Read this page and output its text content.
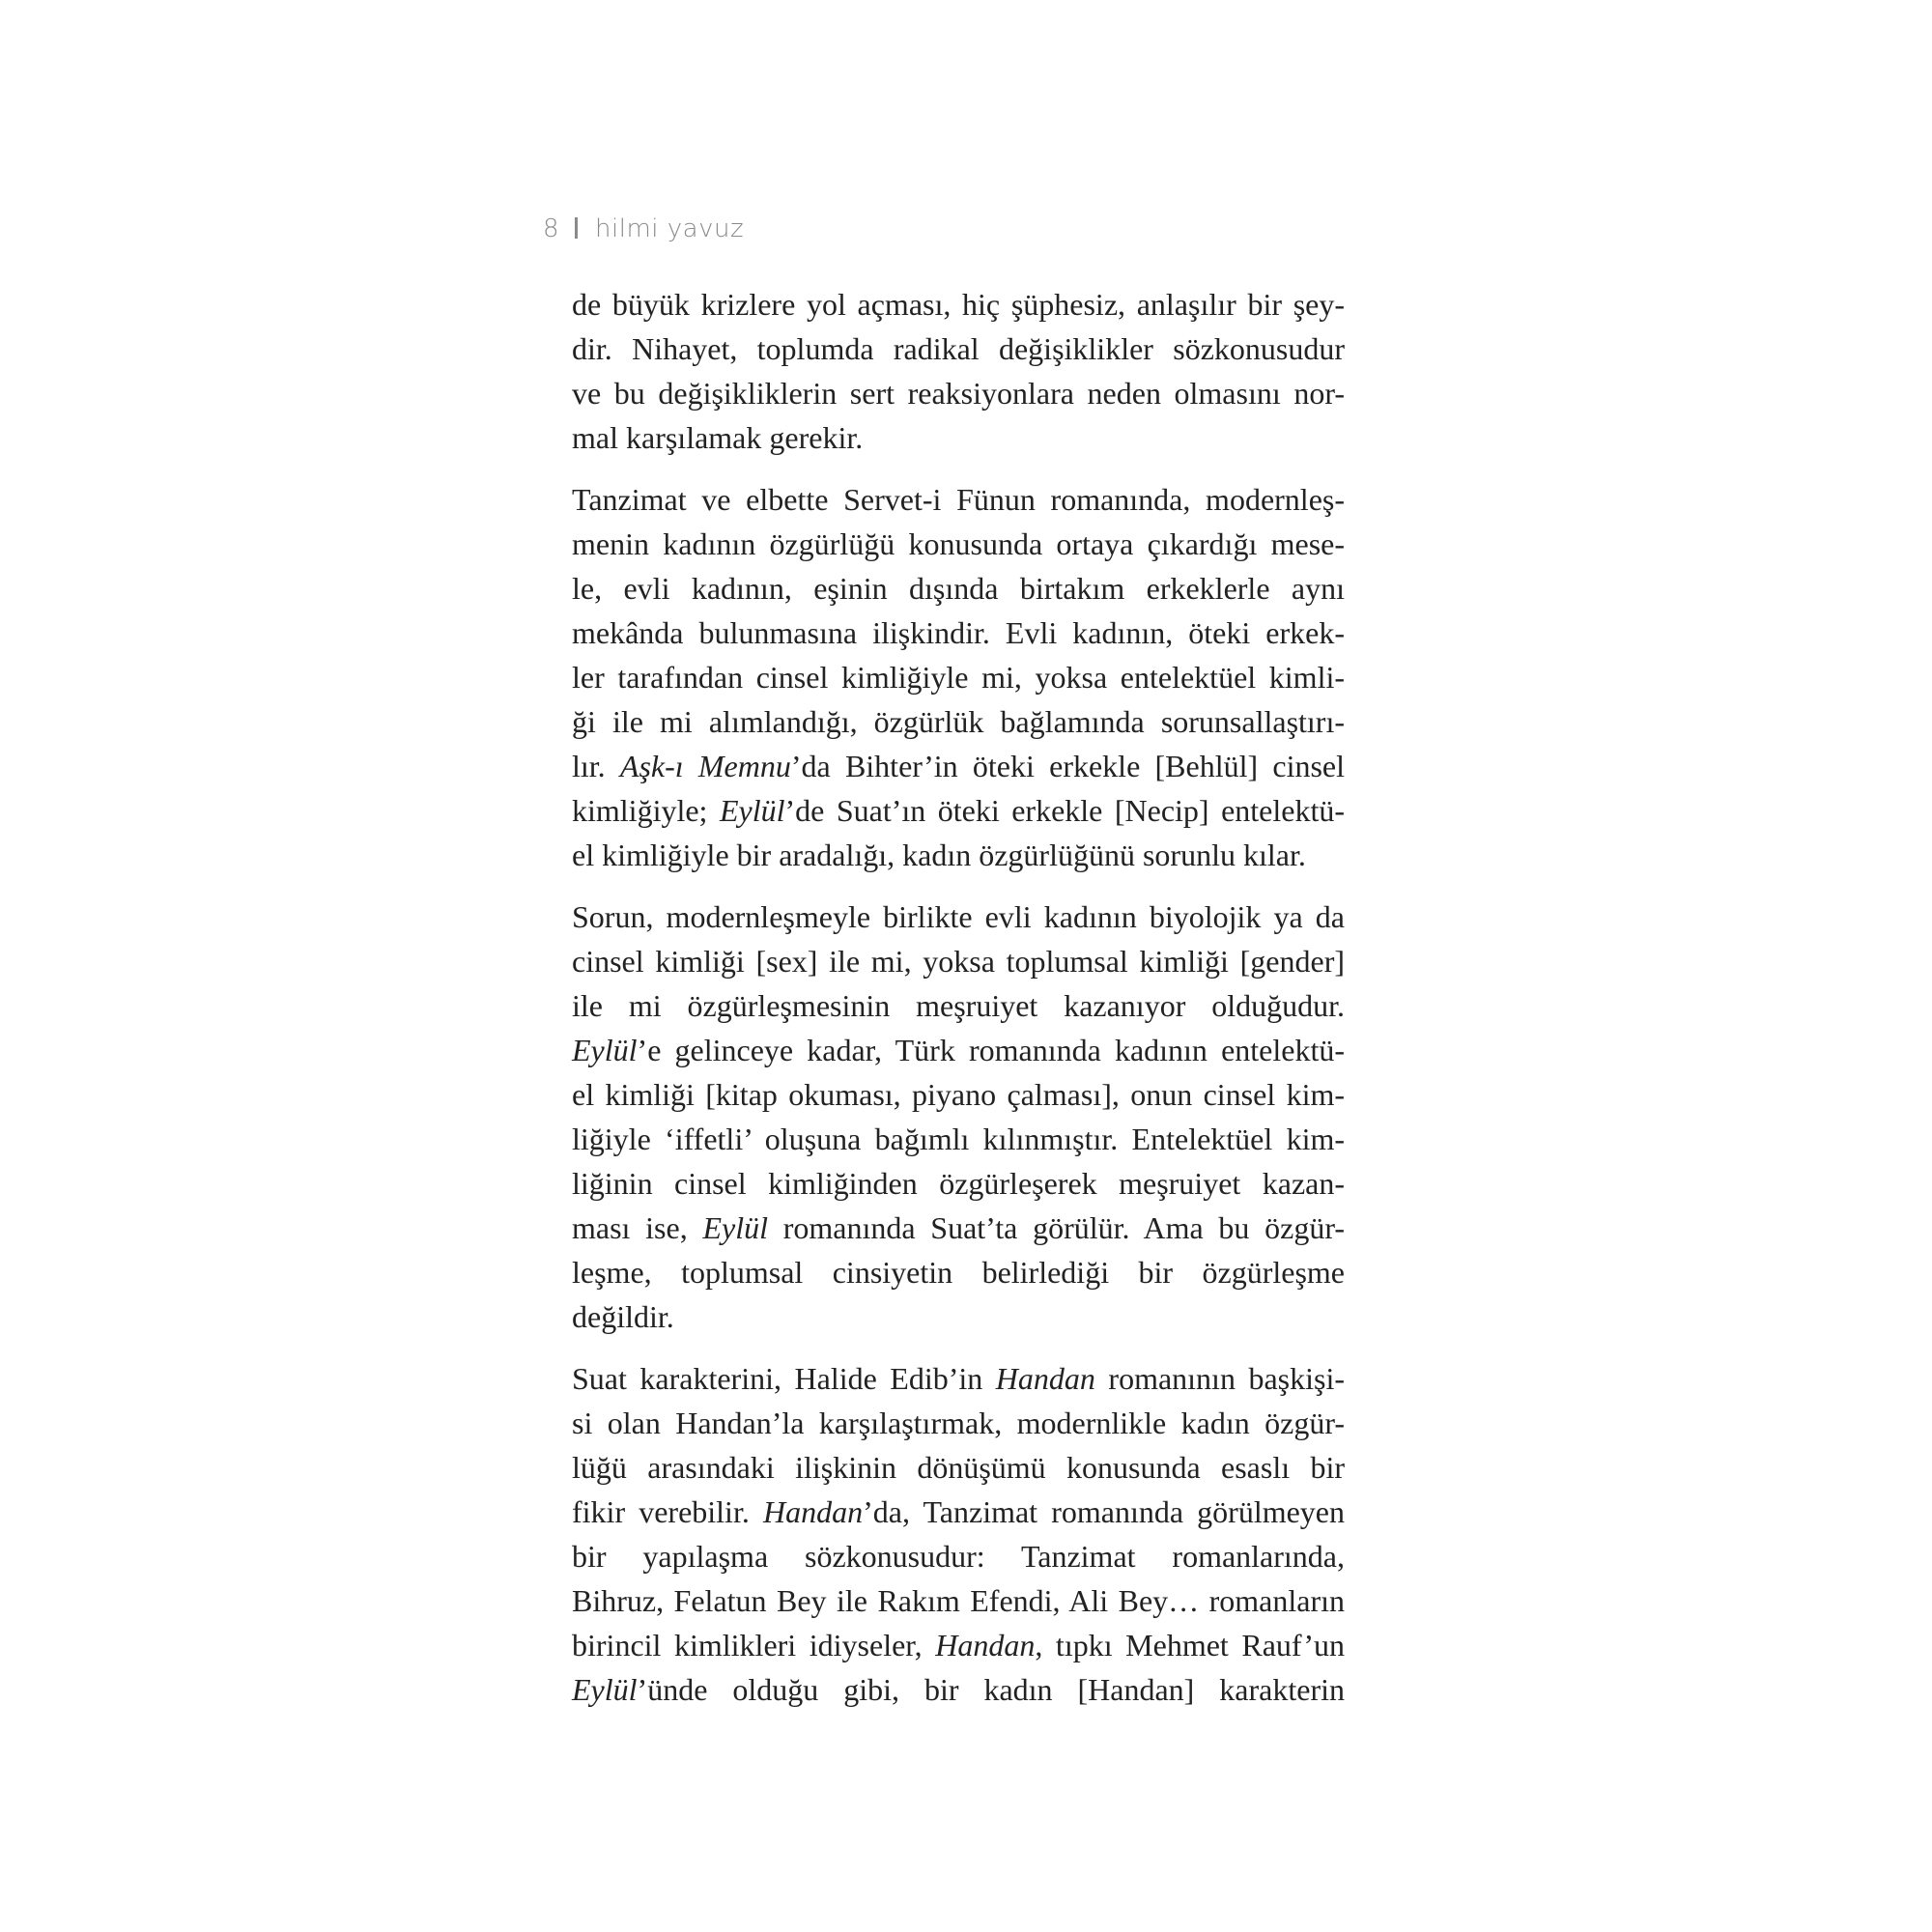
8 hilmi yavuz

de büyük krizlere yol açması, hiç şüphesiz, anlaşılır bir şey-
dir. Nihayet, toplumda radikal değişiklikler sözkonusudur
ve bu değişikliklerin sert reaksiyonlara neden olmasını nor-
mal karşılamak gerekir.

Tanzimat ve elbette Servet-i Fünun romanında, modernleş-
menin kadının özgürlüğü konusunda ortaya çıkardığı mese-
le, evli kadının, eşinin dışında birtakım erkeklerle aynı
mekânda bulunmasına ilişkindir. Evli kadının, öteki erkek-
ler tarafından cinsel kimliğiyle mi, yoksa entelektüel kimli-
ği ile mi alımlandığı, özgürlük bağlamında sorunsallaştırı-
lır. Aşk-ı Memnu’da Bihter’in öteki erkekle [Behlül] cinsel
kimliğiyle; Eylül’de Suat’ın öteki erkekle [Necip] entelektü-
el kimliğiyle bir aradalığı, kadın özgürlüğünü sorunlu kılar.

Sorun, modernleşmeyle birlikte evli kadının biyolojik ya da
cinsel kimliği [sex] ile mi, yoksa toplumsal kimliği [gender]
ile mi özgürleşmesinin meşruiyet kazanıyor olduğudur.
Eylül’e gelinceye kadar, Türk romanında kadının entelektü-
el kimliği [kitap okuması, piyano çalması], onun cinsel kim-
liğiyle ‘iffetli’ oluşuna bağımlı kılınmıştır. Entelektüel kim-
liğinin cinsel kimliğinden özgürleşerek meşruiyet kazan-
ması ise, Eylül romanında Suat’ta görülür. Ama bu özgür-
leşme, toplumsal cinsiyetin belirlediği bir özgürleşme
değildir.

Suat karakterini, Halide Edib’in Handan romanının başkişi-
si olan Handan’la karşılaştırmak, modernlikle kadın özgür-
lüğü arasındaki ilişkinin dönüşümü konusunda esaslı bir
fikir verebilir. Handan’da, Tanzimat romanında görülmeyen
bir yapılaşma sözkonusudur: Tanzimat romanlarında,
Bihruz, Felatun Bey ile Rakım Efendi, Ali Bey… romanların
birincil kimlikleri idiyseler, Handan, tıpkı Mehmet Rauf’un
Eylül’ünde olduğu gibi, bir kadın [Handan] karakterin
